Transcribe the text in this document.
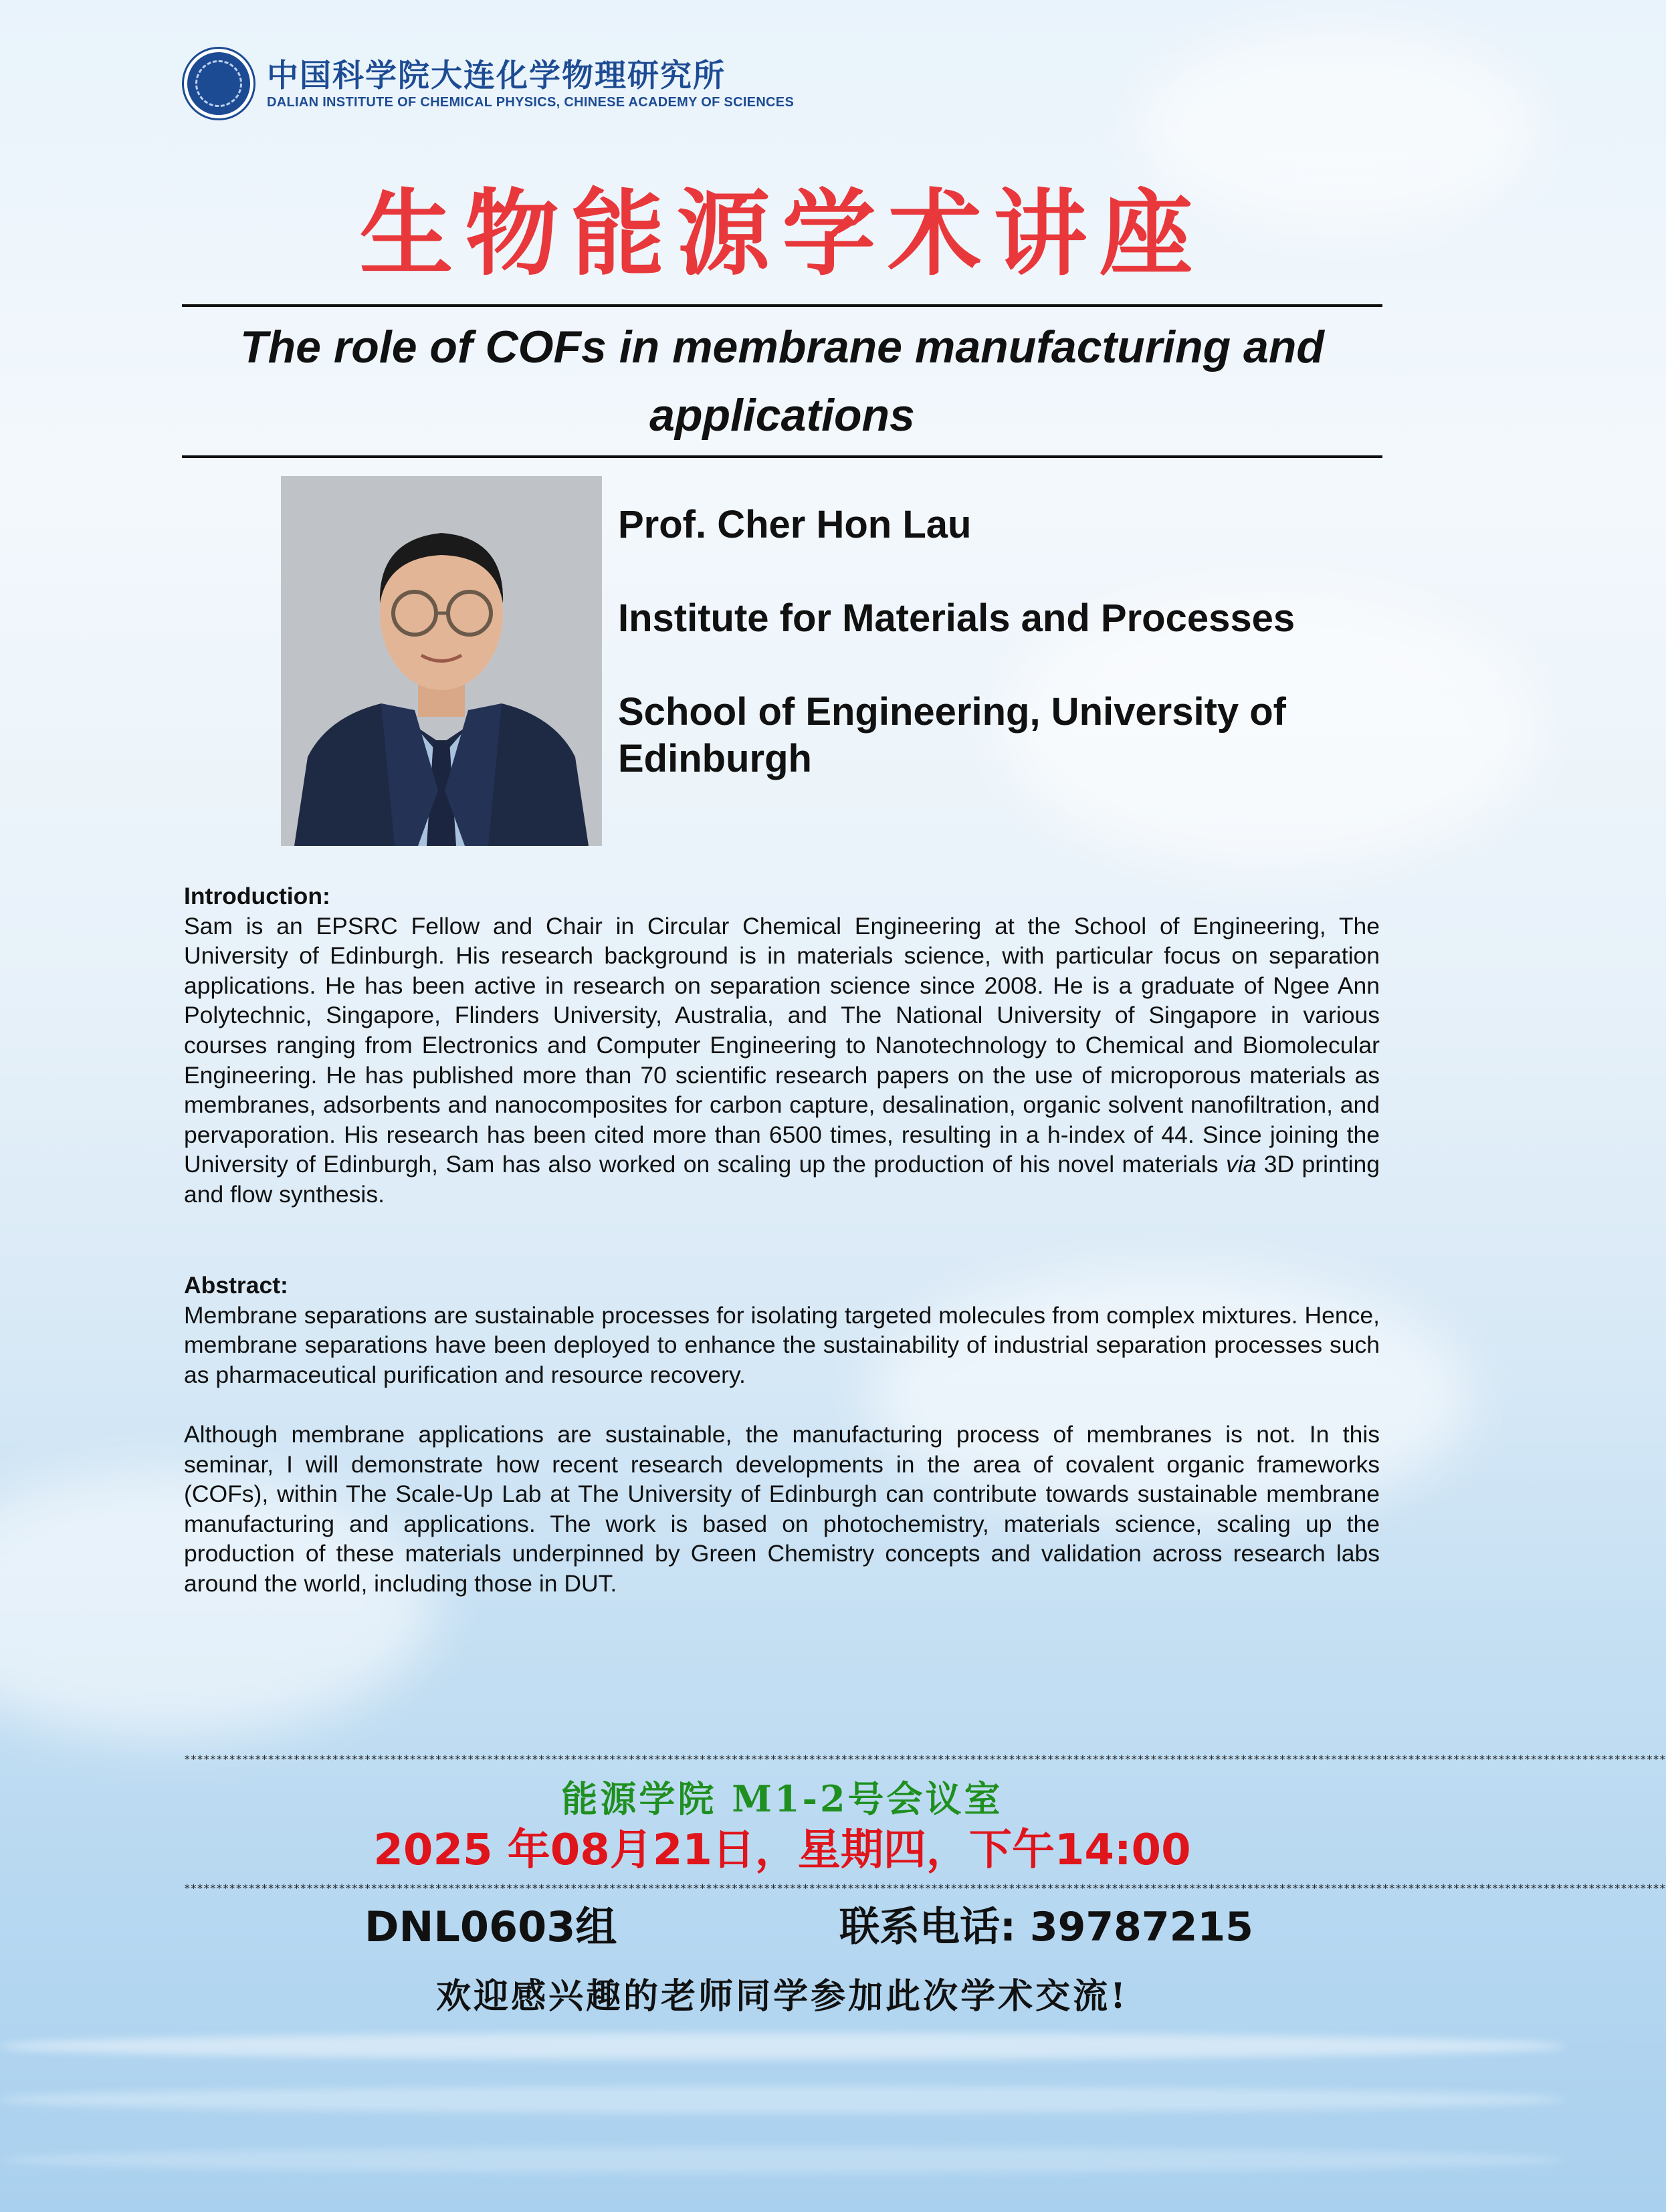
中国科学院大连化学物理研究所
DALIAN INSTITUTE OF CHEMICAL PHYSICS, CHINESE ACADEMY OF SCIENCES
生物能源学术讲座
The role of COFs in membrane manufacturing and applications
Prof. Cher Hon Lau
Institute for Materials and Processes
School of Engineering, University of Edinburgh
Introduction:
Sam is an EPSRC Fellow and Chair in Circular Chemical Engineering at the School of Engineering, The University of Edinburgh. His research background is in materials science, with particular focus on separation applications. He has been active in research on separation science since 2008. He is a graduate of Ngee Ann Polytechnic, Singapore, Flinders University, Australia, and The National University of Singapore in various courses ranging from Electronics and Computer Engineering to Nanotechnology to Chemical and Biomolecular Engineering. He has published more than 70 scientific research papers on the use of microporous materials as membranes, adsorbents and nanocomposites for carbon capture, desalination, organic solvent nanofiltration, and pervaporation. His research has been cited more than 6500 times, resulting in a h-index of 44. Since joining the University of Edinburgh, Sam has also worked on scaling up the production of his novel materials via 3D printing and flow synthesis.
Abstract:
Membrane separations are sustainable processes for isolating targeted molecules from complex mixtures. Hence, membrane separations have been deployed to enhance the sustainability of industrial separation processes such as pharmaceutical purification and resource recovery.
Although membrane applications are sustainable, the manufacturing process of membranes is not. In this seminar, I will demonstrate how recent research developments in the area of covalent organic frameworks (COFs), within The Scale-Up Lab at The University of Edinburgh can contribute towards sustainable membrane manufacturing and applications. The work is based on photochemistry, materials science, scaling up the production of these materials underpinned by Green Chemistry concepts and validation across research labs around the world, including those in DUT.
**************************************************************************************************************************************************************************************************************************************
能源学院 M1-2号会议室
2025 年08月21日，星期四，下午14:00
**************************************************************************************************************************************************************************************************************************************
DNL0603组	联系电话: 39787215
欢迎感兴趣的老师同学参加此次学术交流!
